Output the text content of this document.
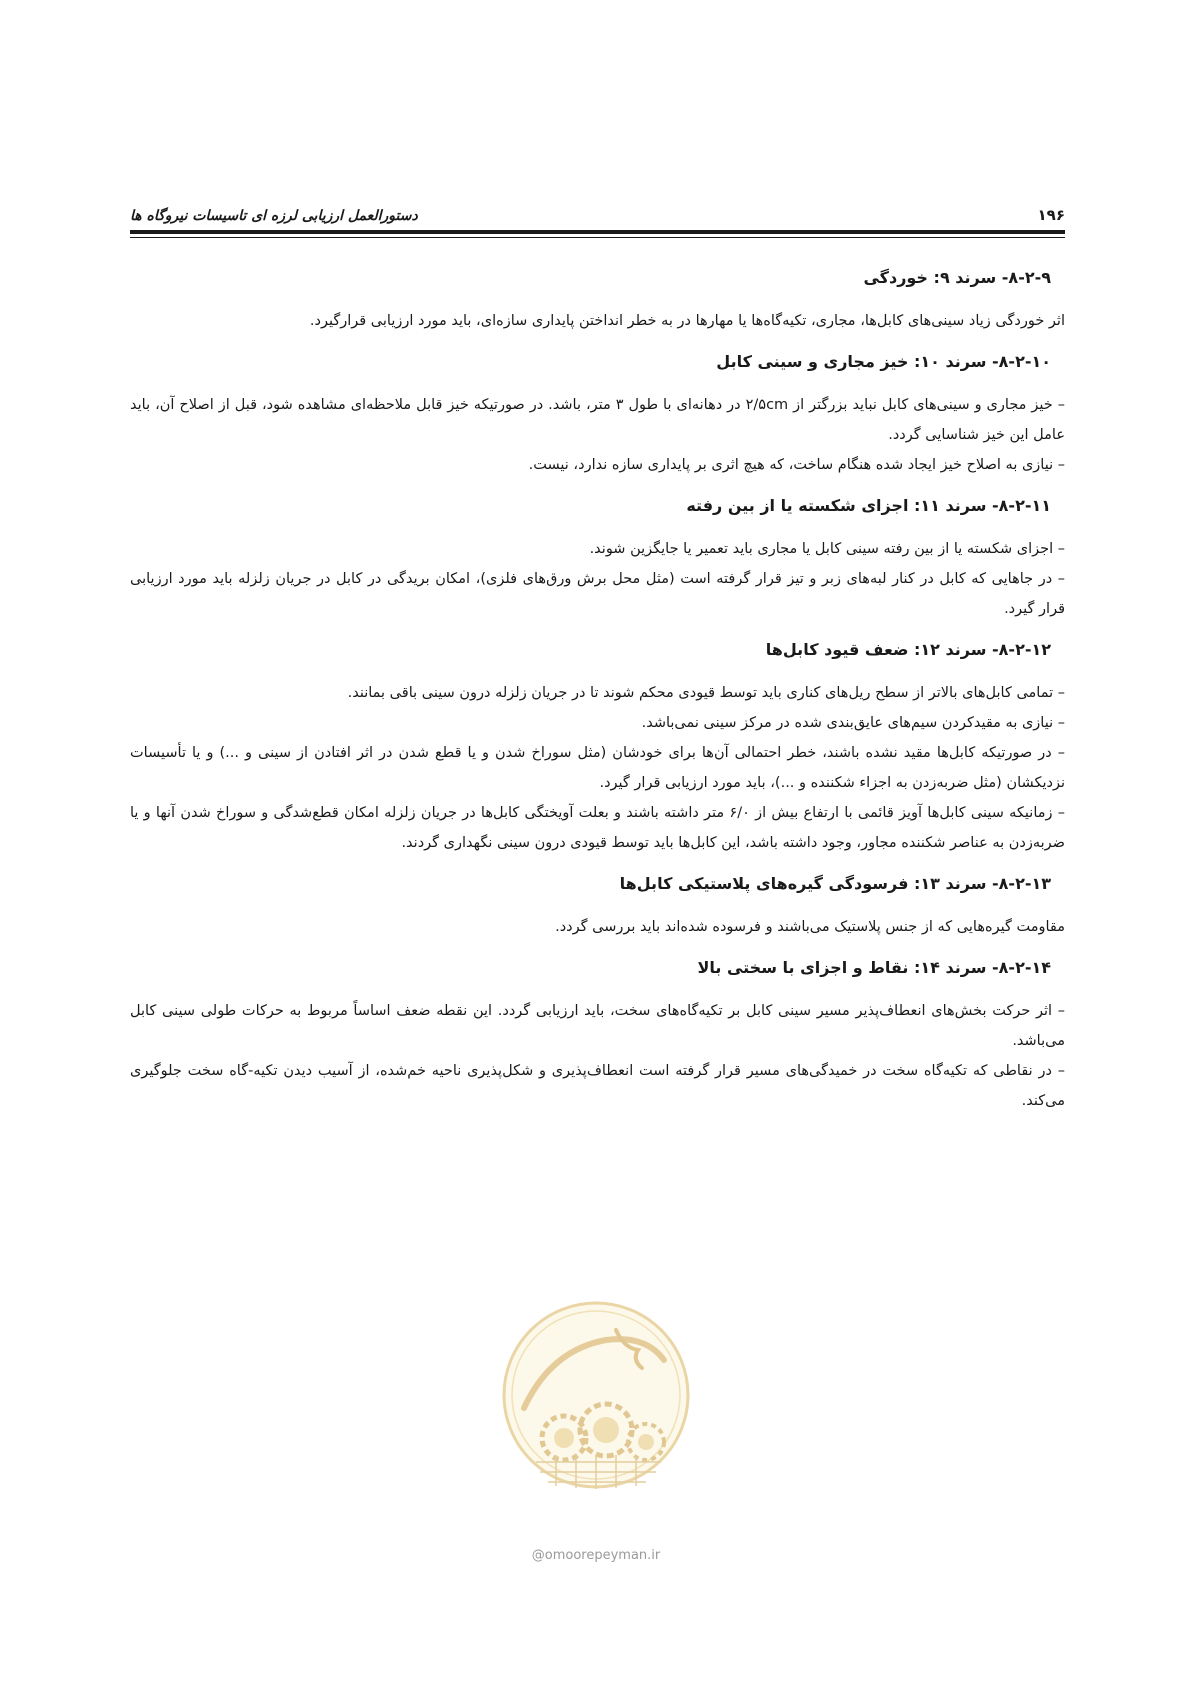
۱۹۶
دستورالعمل ارزیابی لرزه ای تاسیسات نیروگاه ها
۸-۲-۹- سرند ۹: خوردگی

اثر خوردگی زیاد سینی‌های کابل‌ها، مجاری، تکیه‌گاه‌ها یا مهارها در به خطر انداختن پایداری سازه‌ای، باید مورد ارزیابی قرارگیرد.

۸-۲-۱۰- سرند ۱۰: خیز مجاری و سینی کابل

– خیز مجاری و سینی‌های کابل نباید بزرگتر از ۲/۵cm در دهانه‌ای با طول ۳ متر، باشد. در صورتیکه خیز قابل ملاحظه‌ای مشاهده شود، قبل از اصلاح آن، باید عامل این خیز شناسایی گردد.

– نیازی به اصلاح خیز ایجاد شده هنگام ساخت، که هیچ اثری بر پایداری سازه ندارد، نیست.

۸-۲-۱۱- سرند ۱۱: اجزای شکسته یا از بین رفته

– اجزای شکسته یا از بین رفته سینی کابل یا مجاری باید تعمیر یا جایگزین شوند.

– در جاهایی که کابل در کنار لبه‌های زبر و تیز قرار گرفته است (مثل محل برش ورق‌های فلزی)، امکان بریدگی در کابل در جریان زلزله باید مورد ارزیابی قرار گیرد.

۸-۲-۱۲- سرند ۱۲: ضعف قیود کابل‌ها

– تمامی کابل‌های بالاتر از سطح ریل‌های کناری باید توسط قیودی محکم شوند تا در جریان زلزله درون سینی باقی بمانند.

– نیازی به مقیدکردن سیم‌های عایق‌بندی شده در مرکز سینی نمی‌باشد.

– در صورتیکه کابل‌ها مقید نشده باشند، خطر احتمالی آن‌ها برای خودشان (مثل سوراخ شدن و یا قطع شدن در اثر افتادن از سینی و ...) و یا تأسیسات نزدیکشان (مثل ضربه‌زدن به اجزاء شکننده و ...)، باید مورد ارزیابی قرار گیرد.

– زمانیکه سینی کابل‌ها آویز قائمی با ارتفاع بیش از ۶/۰ متر داشته باشند و بعلت آویختگی کابل‌ها در جریان زلزله امکان قطع‌شدگی و سوراخ شدن آنها و یا ضربه‌زدن به عناصر شکننده مجاور، وجود داشته باشد، این کابل‌ها باید توسط قیودی درون سینی نگهداری گردند.

۸-۲-۱۳- سرند ۱۳: فرسودگی گیره‌های پلاستیکی کابل‌ها

مقاومت گیره‌هایی که از جنس پلاستیک می‌باشند و فرسوده شده‌اند باید بررسی گردد.

۸-۲-۱۴- سرند ۱۴: نقاط و اجزای با سختی بالا

– اثر حرکت بخش‌های انعطاف‌پذیر مسیر سینی کابل بر تکیه‌گاه‌های سخت، باید ارزیابی گردد. این نقطه ضعف اساساً مربوط به حرکات طولی سینی کابل می‌باشد.

– در نقاطی که تکیه‌گاه سخت در خمیدگی‌های مسیر قرار گرفته است انعطاف‌پذیری و شکل‌پذیری ناحیه خم‌شده، از آسیب دیدن تکیه-گاه سخت جلوگیری می‌کند.

@omoorepeyman.ir
